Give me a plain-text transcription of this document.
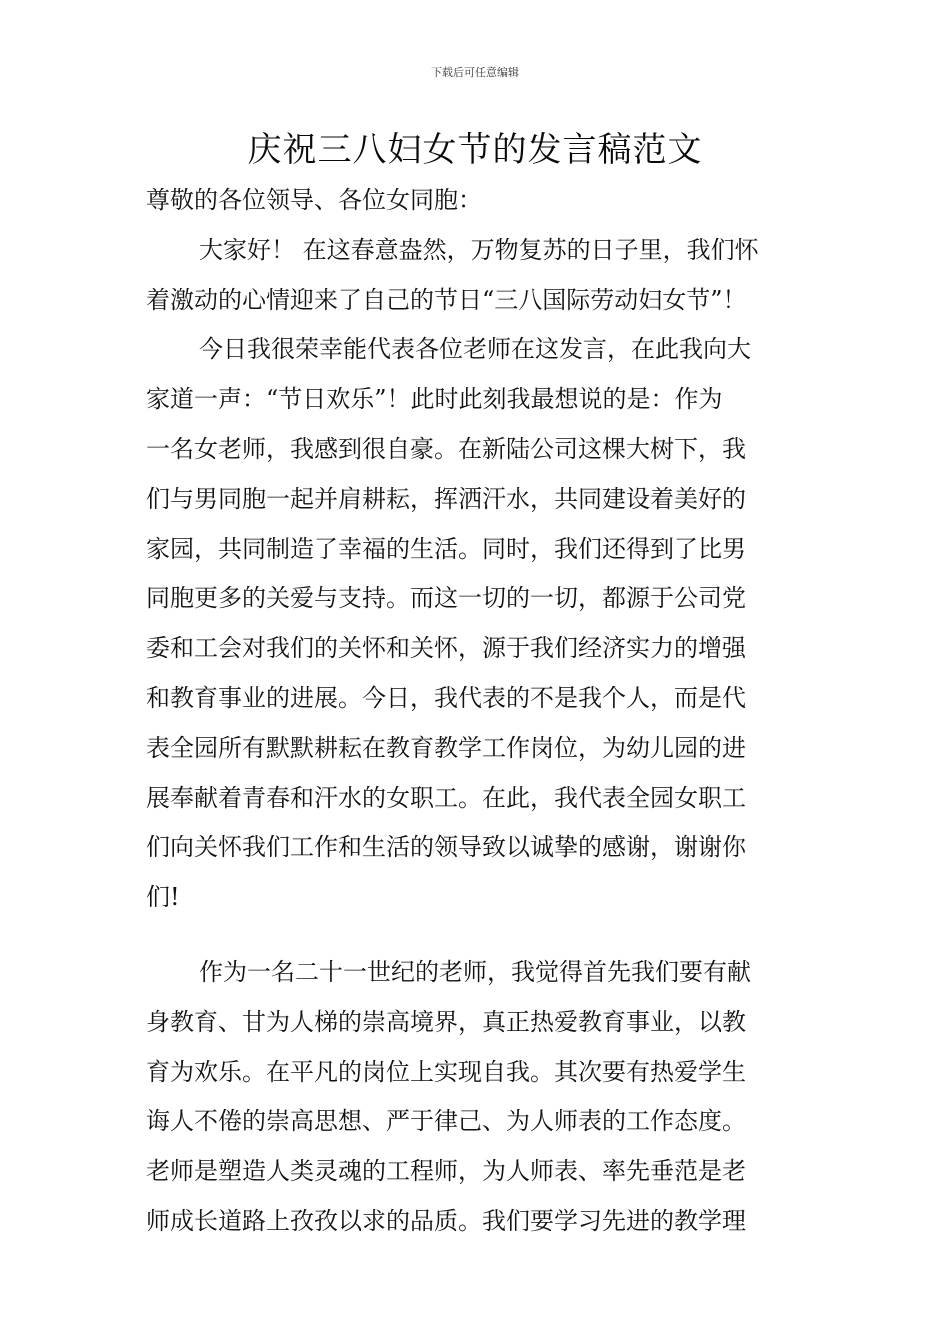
下载后可任意编辑
庆祝三八妇女节的发言稿范文
尊敬的各位领导、各位女同胞：
大家好！ 在这春意盎然，万物复苏的日子里，我们怀
着激动的心情迎来了自己的节日“三八国际劳动妇女节”！
今日我很荣幸能代表各位老师在这发言，在此我向大
家道一声：“节日欢乐”！此时此刻我最想说的是：作为
一名女老师，我感到很自豪。在新陆公司这棵大树下，我
们与男同胞一起并肩耕耘，挥洒汗水，共同建设着美好的
家园，共同制造了幸福的生活。同时，我们还得到了比男
同胞更多的关爱与支持。而这一切的一切，都源于公司党
委和工会对我们的关怀和关怀，源于我们经济实力的增强
和教育事业的进展。今日，我代表的不是我个人，而是代
表全园所有默默耕耘在教育教学工作岗位，为幼儿园的进
展奉献着青春和汗水的女职工。在此，我代表全园女职工
们向关怀我们工作和生活的领导致以诚挚的感谢，谢谢你
们!
作为一名二十一世纪的老师，我觉得首先我们要有献
身教育、甘为人梯的崇高境界，真正热爱教育事业，以教
育为欢乐。在平凡的岗位上实现自我。其次要有热爱学生
诲人不倦的崇高思想、严于律己、为人师表的工作态度。
老师是塑造人类灵魂的工程师，为人师表、率先垂范是老
师成长道路上孜孜以求的品质。我们要学习先进的教学理
